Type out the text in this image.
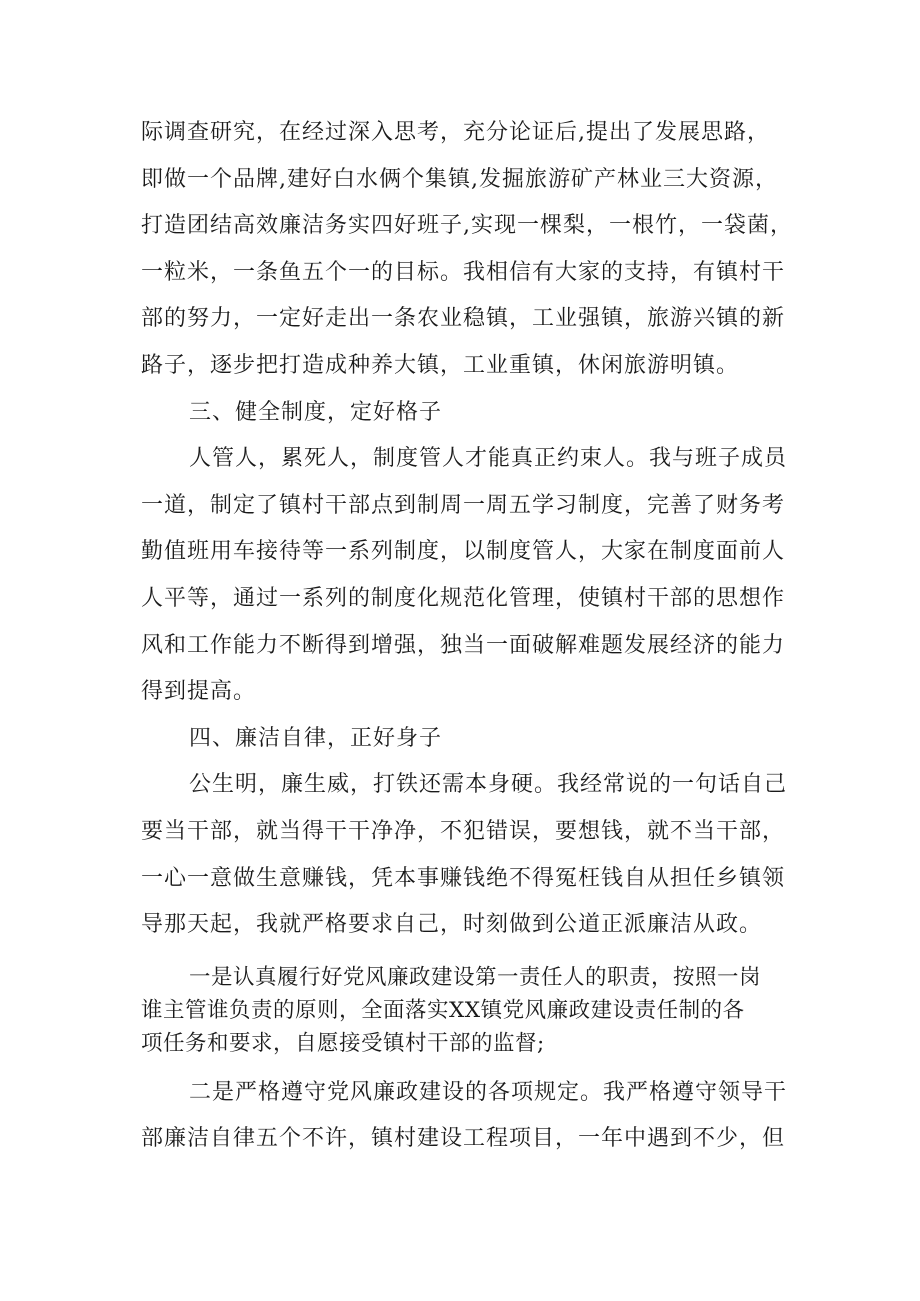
际调查研究，在经过深入思考，充分论证后,提出了发展思路，
即做一个品牌,建好白水俩个集镇,发掘旅游矿产林业三大资源，
打造团结高效廉洁务实四好班子,实现一棵梨，一根竹，一袋菌，
一粒米，一条鱼五个一的目标。我相信有大家的支持，有镇村干
部的努力，一定好走出一条农业稳镇，工业强镇，旅游兴镇的新
路子，逐步把打造成种养大镇，工业重镇，休闲旅游明镇。
三、健全制度，定好格子
人管人，累死人，制度管人才能真正约束人。我与班子成员
一道，制定了镇村干部点到制周一周五学习制度，完善了财务考
勤值班用车接待等一系列制度，以制度管人，大家在制度面前人
人平等，通过一系列的制度化规范化管理，使镇村干部的思想作
风和工作能力不断得到增强，独当一面破解难题发展经济的能力
得到提高。
四、廉洁自律，正好身子
公生明，廉生威，打铁还需本身硬。我经常说的一句话自己
要当干部，就当得干干净净，不犯错误，要想钱，就不当干部，
一心一意做生意赚钱，凭本事赚钱绝不得冤枉钱自从担任乡镇领
导那天起，我就严格要求自己，时刻做到公道正派廉洁从政。
一是认真履行好党风廉政建设第一责任人的职责，按照一岗
谁主管谁负责的原则，全面落实XX镇党风廉政建设责任制的各
项任务和要求，自愿接受镇村干部的监督;
二是严格遵守党风廉政建设的各项规定。我严格遵守领导干
部廉洁自律五个不许，镇村建设工程项目，一年中遇到不少，但
